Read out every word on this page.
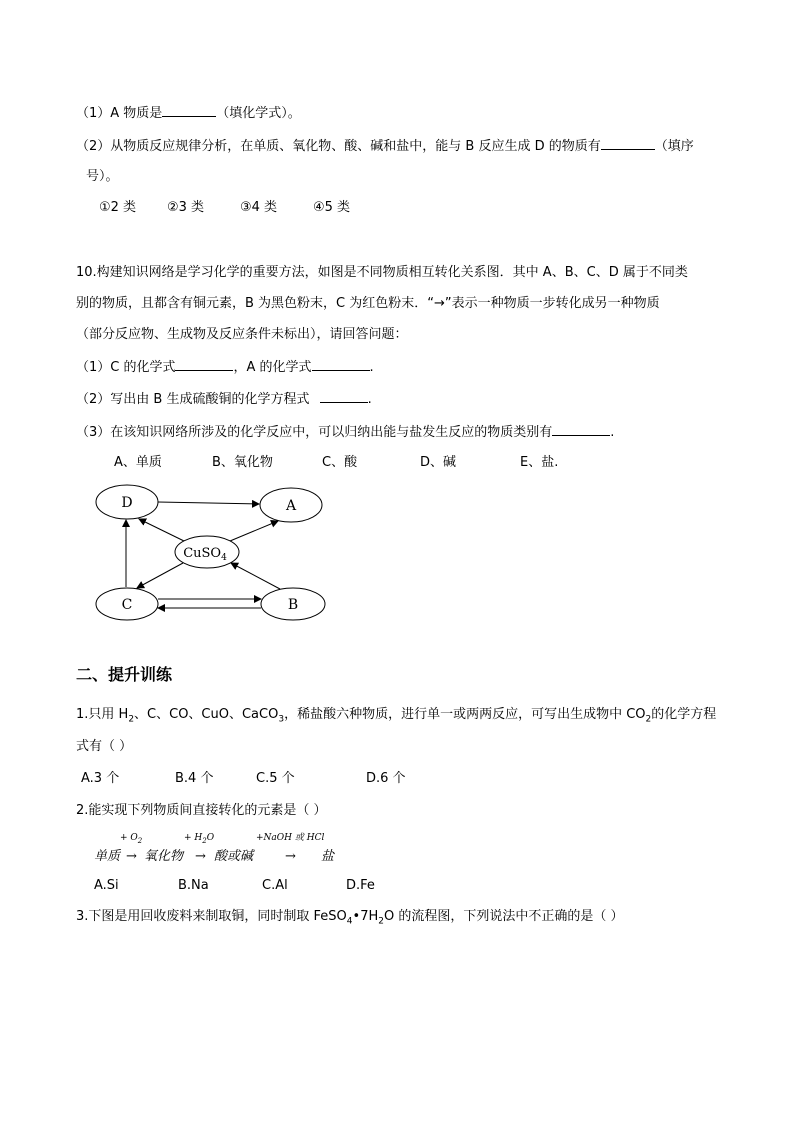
（1）A 物质是	（填化学式）。
（2）从物质反应规律分析，在单质、氧化物、酸、碱和盐中，能与 B 反应生成 D 的物质有	（填序
号）。
①2 类 ②3 类	③4 类	④5 类
10.构建知识网络是学习化学的重要方法，如图是不同物质相互转化关系图．其中 A、B、C、D 属于不同类
别的物质，且都含有铜元素，B 为黑色粉末，C 为红色粉末．“→”表示一种物质一步转化成另一种物质
（部分反应物、生成物及反应条件未标出），请回答问题：
（1）C 的化学式	，A 的化学式	.
（2）写出由 B 生成硫酸铜的化学方程式	.
（3）在该知识网络所涉及的化学反应中，可以归纳出能与盐发生反应的物质类别有	.
A、单质	B、氧化物	C、酸	D、碱	E、盐.
D	A
CuSO$_4$
C	B
二、提升训练
1.只用 $H_2$、C、CO、CuO、CaCO$_3$，稀盐酸六种物质，进行单一或两两反应，可写出生成物中 $CO_2$的化学方程
式有（ ）
A.3 个	B.4 个	C.5 个	D.6 个
2.能实现下列物质间直接转化的元素是（ ）
+ $O_2$	+ $H_2O$	+NaOH 或 HCl
单质 → 氧化物 → 酸或碱 → 盐
A.Si	B.Na	C.Al	D.Fe
3.下图是用回收废料来制取铜，同时制取 $FeSO_4•7H_2O$ 的流程图，下列说法中不正确的是（ ）
